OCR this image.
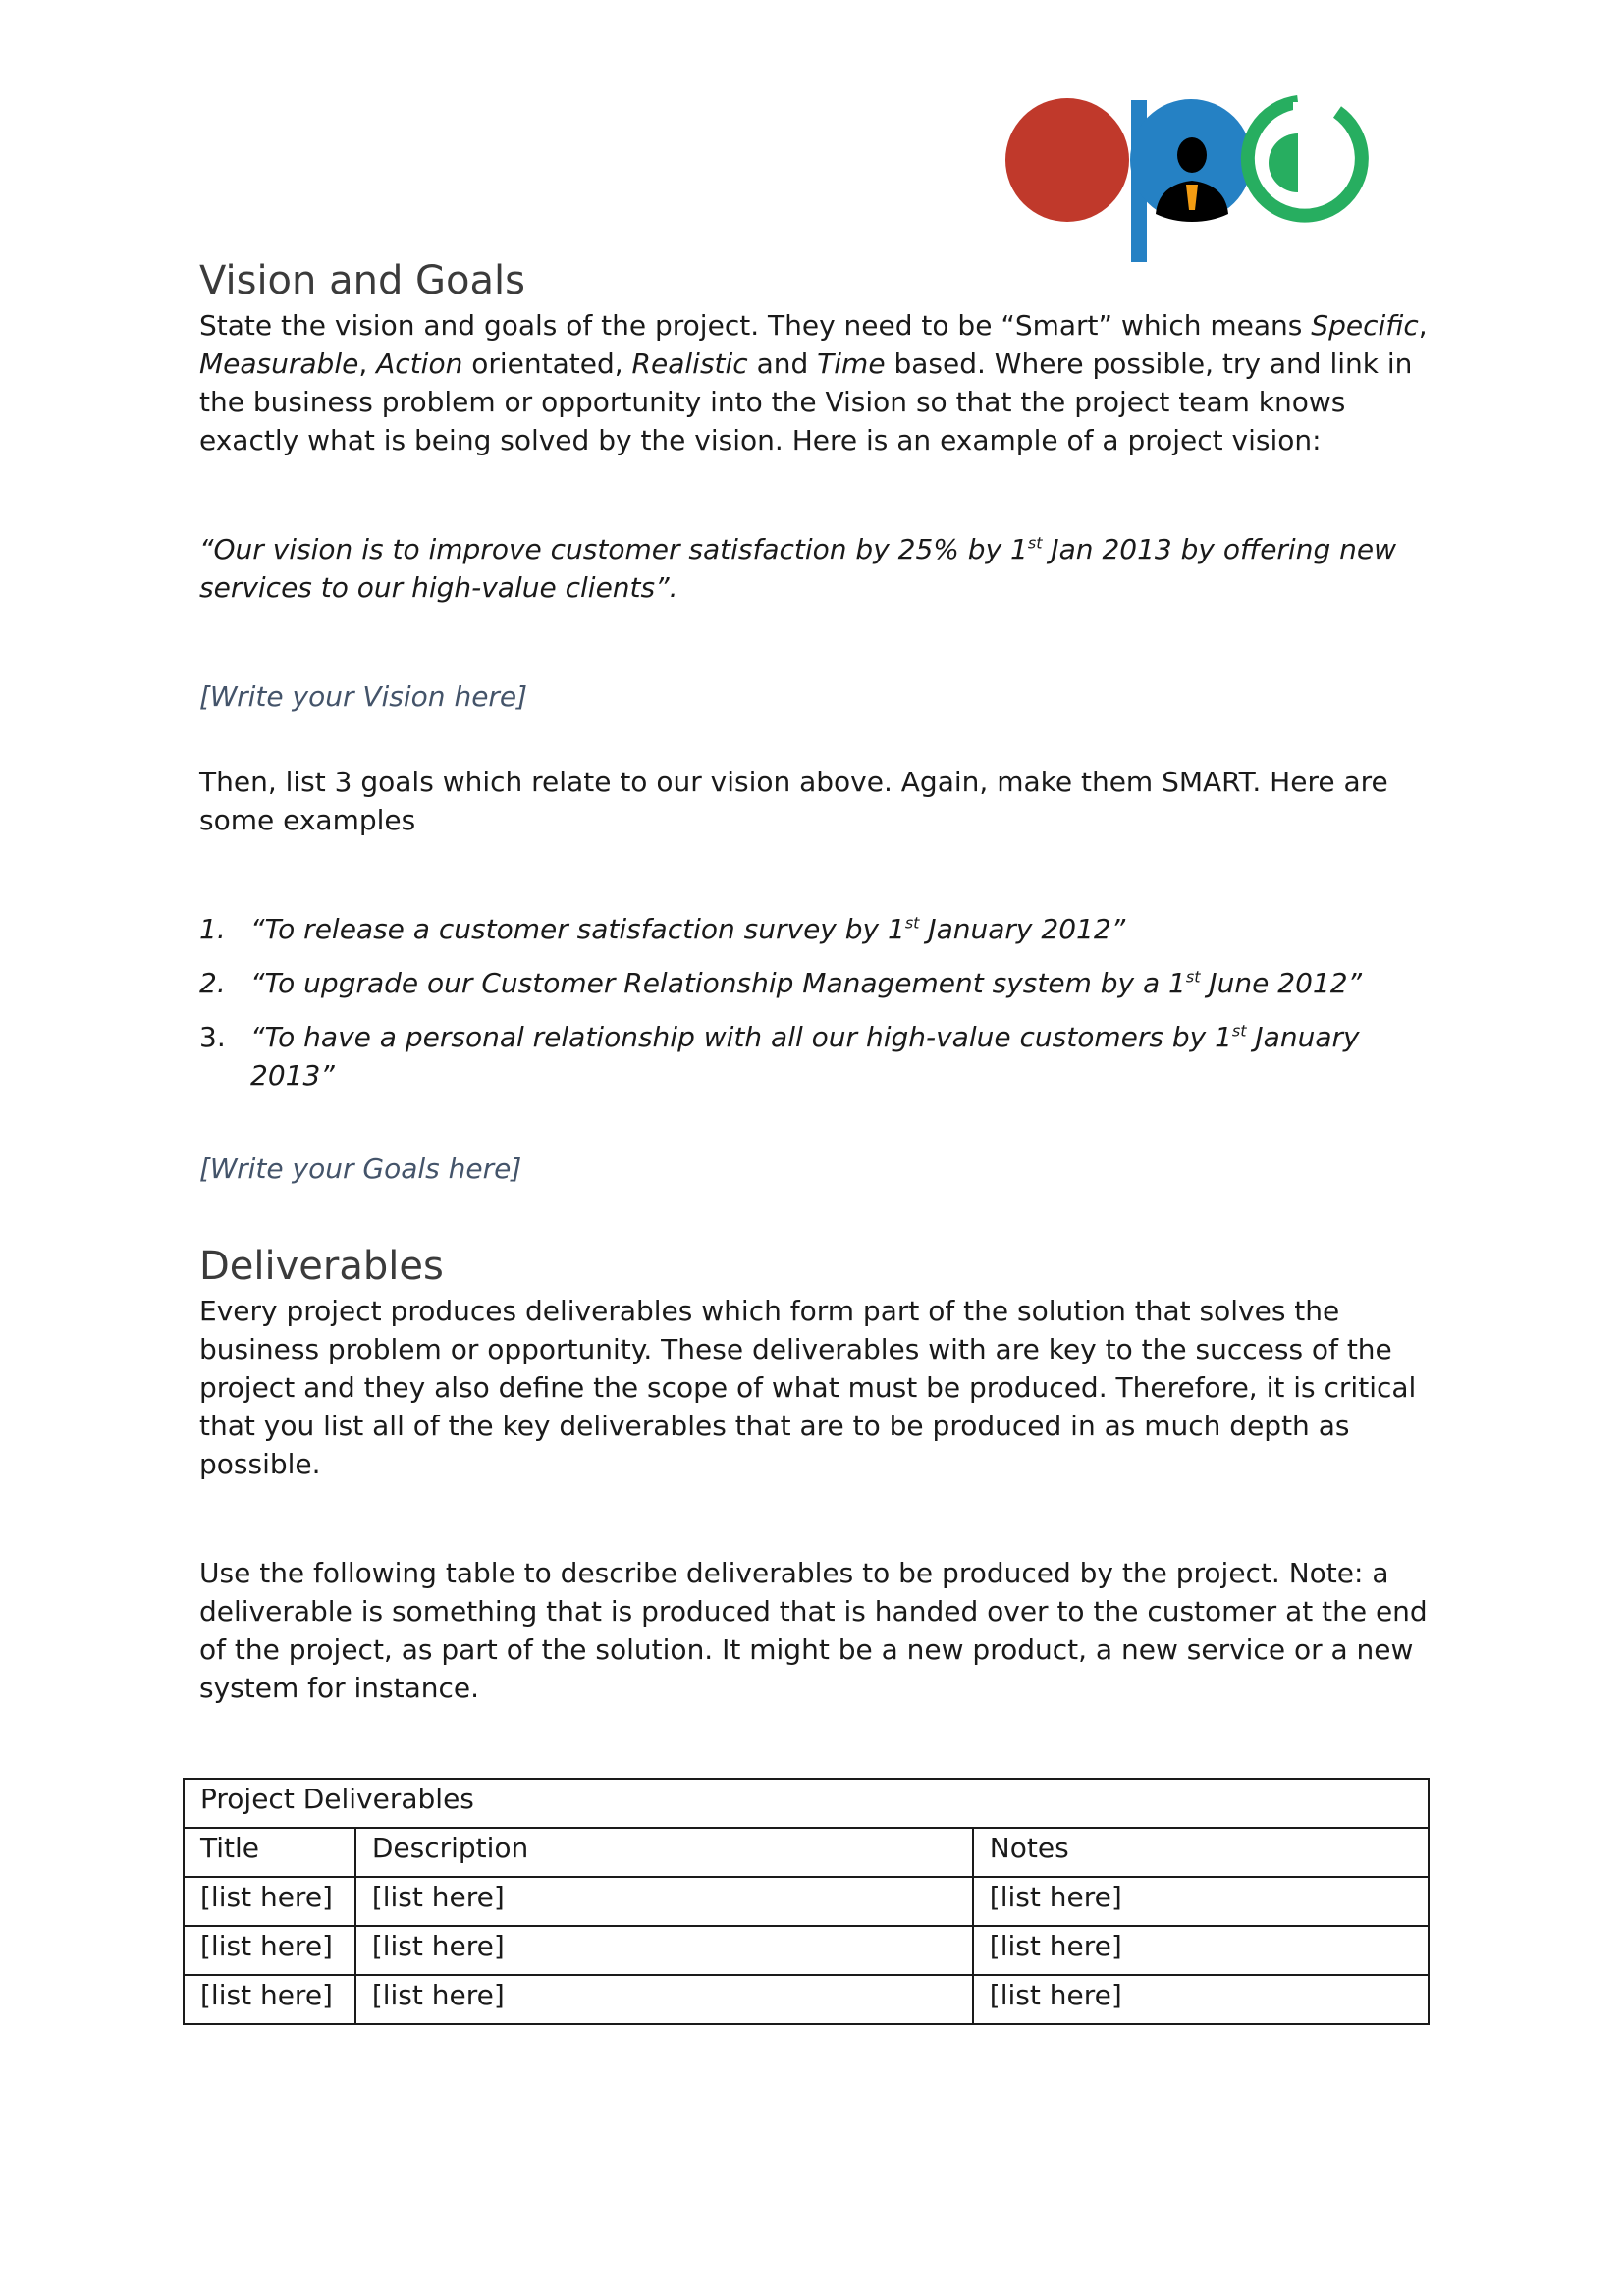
Vision and Goals

State the vision and goals of the project. They need to be “Smart” which means Specific, Measurable, Action orientated, Realistic and Time based. Where possible, try and link in the business problem or opportunity into the Vision so that the project team knows exactly what is being solved by the vision. Here is an example of a project vision:

“Our vision is to improve customer satisfaction by 25% by 1st Jan 2013 by offering new services to our high-value clients”.

[Write your Vision here]

Then, list 3 goals which relate to our vision above. Again, make them SMART. Here are some examples

1. “To release a customer satisfaction survey by 1st January 2012”
2. “To upgrade our Customer Relationship Management system by a 1st June 2012”
3. “To have a personal relationship with all our high-value customers by 1st January 2013”

[Write your Goals here]

Deliverables

Every project produces deliverables which form part of the solution that solves the business problem or opportunity. These deliverables with are key to the success of the project and they also define the scope of what must be produced. Therefore, it is critical that you list all of the key deliverables that are to be produced in as much depth as possible.

Use the following table to describe deliverables to be produced by the project. Note: a deliverable is something that is produced that is handed over to the customer at the end of the project, as part of the solution. It might be a new product, a new service or a new system for instance.

Project Deliverables		
Title	Description	Notes
[list here]	[list here]	[list here]
[list here]	[list here]	[list here]
[list here]	[list here]	[list here]
